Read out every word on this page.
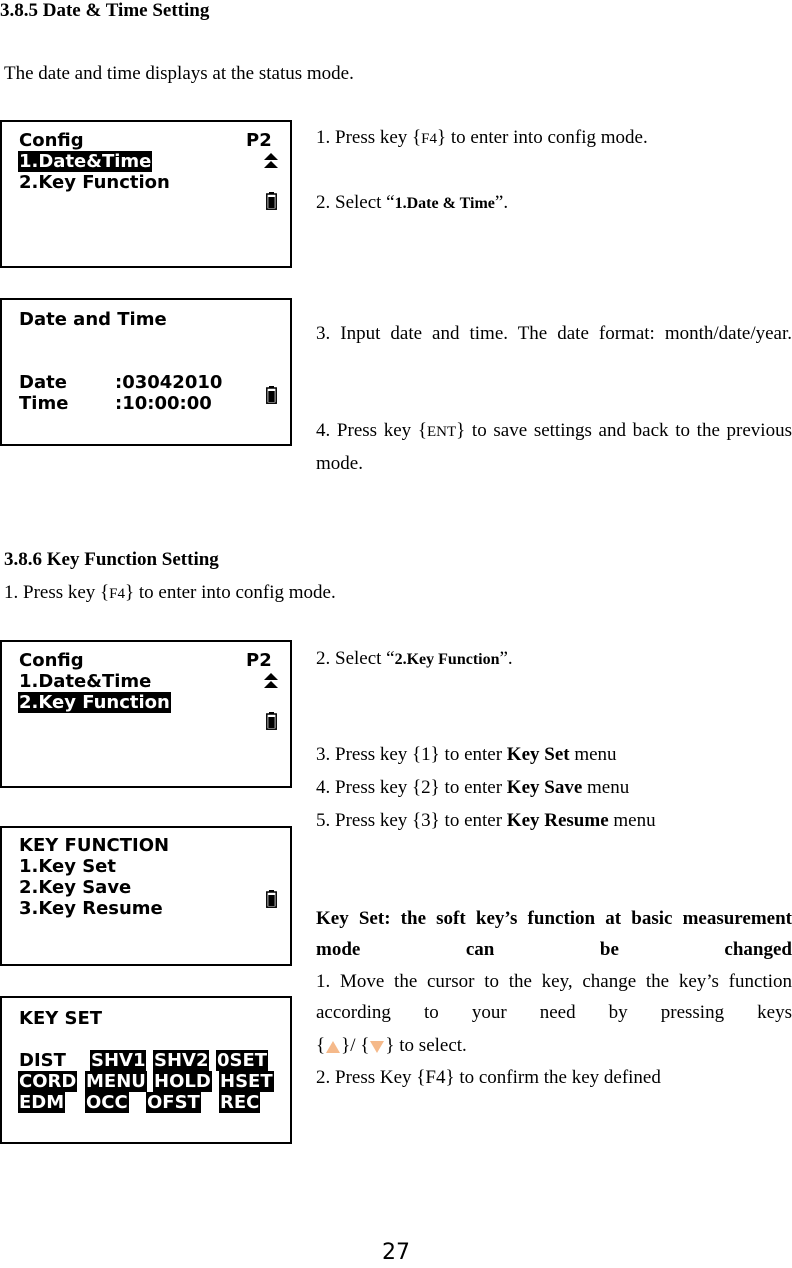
3.8.5 Date & Time Setting
The date and time displays at the status mode.
Config	P2
1.Date&Time
2.Key Function
1. Press key {F4} to enter into config mode.
2. Select “1.Date & Time”.
Date and Time
Date	:03042010
Time	:10:00:00
3. Input date and time. The date format: month/date/year.
4. Press key {ENT} to save settings and back to the previous mode.
3.8.6 Key Function Setting
1. Press key {F4} to enter into config mode.
Config	P2
1.Date&Time
2.Key Function
2. Select “2.Key Function”.
3. Press key {1} to enter Key Set menu
4. Press key {2} to enter Key Save menu
5. Press key {3} to enter Key Resume menu
KEY FUNCTION
1.Key Set
2.Key Save
3.Key Resume	Key Set: the soft key’s function at basic measurement mode can be changed
1. Move the cursor to the key, change the key’s function according to your need by pressing keys
{ }/ { } to select.
2. Press Key {F4} to confirm the key defined
KEY SET
DIST SHV1 SHV2 0SET
CORD MENU HOLD HSET
EDM OCC OFST REC
27
